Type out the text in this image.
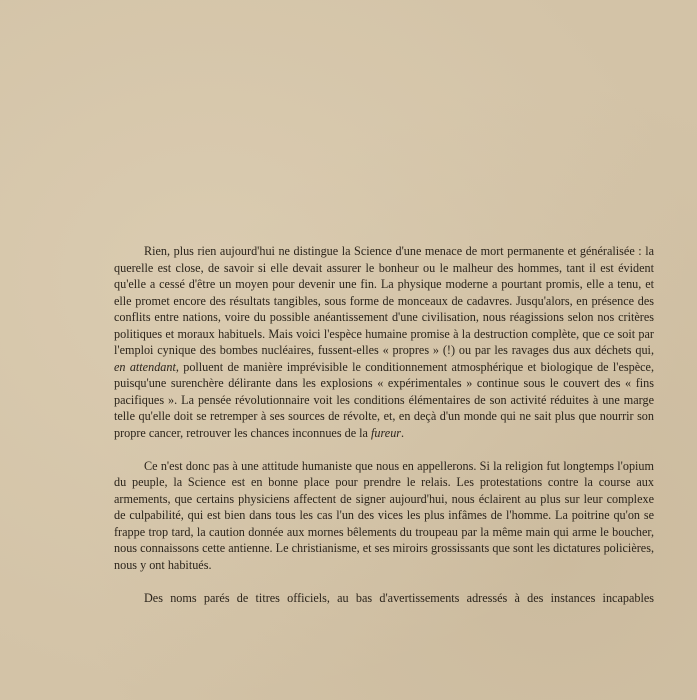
Rien, plus rien aujourd'hui ne distingue la Science d'une menace de mort permanente et généralisée : la querelle est close, de savoir si elle devait assurer le bonheur ou le malheur des hommes, tant il est évident qu'elle a cessé d'être un moyen pour devenir une fin. La physique moderne a pourtant promis, elle a tenu, et elle promet encore des résultats tangibles, sous forme de monceaux de cadavres. Jusqu'alors, en présence des conflits entre nations, voire du possible anéantissement d'une civilisation, nous réagissions selon nos critères politiques et moraux habituels. Mais voici l'espèce humaine promise à la destruction complète, que ce soit par l'emploi cynique des bombes nucléaires, fussent-elles « propres » (!) ou par les ravages dus aux déchets qui, en attendant, polluent de manière imprévisible le conditionnement atmosphérique et biologique de l'espèce, puisqu'une surenchère délirante dans les explosions « expérimentales » continue sous le couvert des « fins pacifiques ». La pensée révolutionnaire voit les conditions élémentaires de son activité réduites à une marge telle qu'elle doit se retremper à ses sources de révolte, et, en deçà d'un monde qui ne sait plus que nourrir son propre cancer, retrouver les chances inconnues de la fureur.

Ce n'est donc pas à une attitude humaniste que nous en appellerons. Si la religion fut longtemps l'opium du peuple, la Science est en bonne place pour prendre le relais. Les protestations contre la course aux armements, que certains physiciens affectent de signer aujourd'hui, nous éclairent au plus sur leur complexe de culpabilité, qui est bien dans tous les cas l'un des vices les plus infâmes de l'homme. La poitrine qu'on se frappe trop tard, la caution donnée aux mornes bêlements du troupeau par la même main qui arme le boucher, nous connaissons cette antienne. Le christianisme, et ses miroirs grossissants que sont les dictatures policières, nous y ont habitués.

Des noms parés de titres officiels, au bas d'avertissements adressés à des instances incapables
